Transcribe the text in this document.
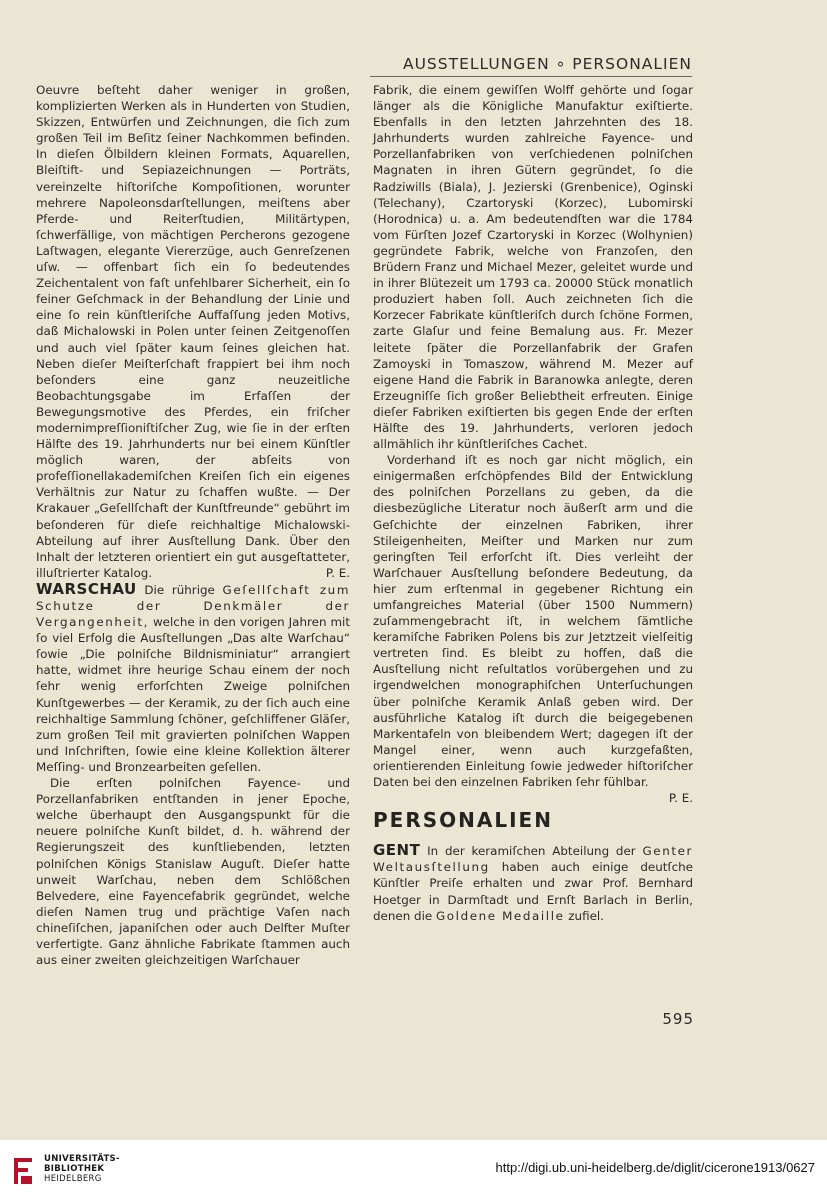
AUSSTELLUNGEN ∘ PERSONALIEN

Oeuvre beſteht daher weniger in großen, komplizierten Werken als in Hunderten von Studien, Skizzen, Entwürfen und Zeichnungen, die ſich zum großen Teil im Beſitz ſeiner Nachkommen befinden. In dieſen Ölbildern kleinen Formats, Aquarellen, Bleiſtift- und Sepiazeichnungen — Porträts, vereinzelte hiſtoriſche Kompoſitionen, worunter mehrere Napoleonsdarſtellungen, meiſtens aber Pferde- und Reiterſtudien, Militärtypen, ſchwerfällige, von mächtigen Percherons gezogene Laſtwagen, elegante Viererzüge, auch Genreſzenen uſw. — offenbart ſich ein ſo bedeutendes Zeichentalent von faſt unfehlbarer Sicherheit, ein ſo feiner Geſchmack in der Behandlung der Linie und eine ſo rein künſtleriſche Auffaſſung jeden Motivs, daß Michalowski in Polen unter ſeinen Zeitgenoſſen und auch viel ſpäter kaum ſeines gleichen hat. Neben dieſer Meiſterſchaft frappiert bei ihm noch beſonders eine ganz neuzeitliche Beobachtungsgabe im Erfaſſen der Bewegungsmotive des Pferdes, ein friſcher modernimpreſſioniſtiſcher Zug, wie ſie in der erſten Hälfte des 19. Jahrhunderts nur bei einem Künſtler möglich waren, der abſeits von profeſſionellakademiſchen Kreiſen ſich ein eigenes Verhältnis zur Natur zu ſchaffen wußte. — Der Krakauer „Geſellſchaft der Kunſtfreunde“ gebührt im beſonderen für dieſe reichhaltige Michalowski-Abteilung auf ihrer Ausſtellung Dank. Über den Inhalt der letzteren orientiert ein gut ausgeſtatteter, illuſtrierter Katalog.	P. E.

WARSCHAU Die rührige Geſellſchaft zum Schutze der Denkmäler der Vergangenheit, welche in den vorigen Jahren mit ſo viel Erfolg die Ausſtellungen „Das alte Warſchau“ ſowie „Die polniſche Bildnisminiatur“ arrangiert hatte, widmet ihre heurige Schau einem der noch ſehr wenig erforſchten Zweige polniſchen Kunſtgewerbes — der Keramik, zu der ſich auch eine reichhaltige Sammlung ſchöner, geſchliffener Gläſer, zum großen Teil mit gravierten polniſchen Wappen und Inſchriften, ſowie eine kleine Kollektion älterer Meſſing- und Bronzearbeiten geſellen.

Die erſten polniſchen Fayence- und Porzellanfabriken entſtanden in jener Epoche, welche überhaupt den Ausgangspunkt für die neuere polniſche Kunſt bildet, d. h. während der Regierungszeit des kunſtliebenden, letzten polniſchen Königs Stanislaw Auguſt. Dieſer hatte unweit Warſchau, neben dem Schlößchen Belvedere, eine Fayencefabrik gegründet, welche dieſen Namen trug und prächtige Vaſen nach chineſiſchen, japaniſchen oder auch Delfter Muſter verfertigte. Ganz ähnliche Fabrikate ſtammen auch aus einer zweiten gleichzeitigen Warſchauer

Fabrik, die einem gewiſſen Wolff gehörte und ſogar länger als die Königliche Manufaktur exiſtierte. Ebenfalls in den letzten Jahrzehnten des 18. Jahrhunderts wurden zahlreiche Fayence- und Porzellanfabriken von verſchiedenen polniſchen Magnaten in ihren Gütern gegründet, ſo die Radziwills (Biala), J. Jezierski (Grenbenice), Oginski (Telechany), Czartoryski (Korzec), Lubomirski (Horodnica) u. a. Am bedeutendſten war die 1784 vom Fürſten Jozef Czartoryski in Korzec (Wolhynien) gegründete Fabrik, welche von Franzoſen, den Brüdern Franz und Michael Mezer, geleitet wurde und in ihrer Blütezeit um 1793 ca. 20000 Stück monatlich produziert haben ſoll. Auch zeichneten ſich die Korzecer Fabrikate künſtleriſch durch ſchöne Formen, zarte Glaſur und feine Bemalung aus. Fr. Mezer leitete ſpäter die Porzellanfabrik der Grafen Zamoyski in Tomaszow, während M. Mezer auf eigene Hand die Fabrik in Baranowka anlegte, deren Erzeugniſſe ſich großer Beliebtheit erfreuten. Einige dieſer Fabriken exiſtierten bis gegen Ende der erſten Hälfte des 19. Jahrhunderts, verloren jedoch allmählich ihr künſtleriſches Cachet.

Vorderhand iſt es noch gar nicht möglich, ein einigermaßen erſchöpfendes Bild der Entwicklung des polniſchen Porzellans zu geben, da die diesbezügliche Literatur noch äußerſt arm und die Geſchichte der einzelnen Fabriken, ihrer Stileigenheiten, Meiſter und Marken nur zum geringſten Teil erforſcht iſt. Dies verleiht der Warſchauer Ausſtellung beſondere Bedeutung, da hier zum erſtenmal in gegebener Richtung ein umfangreiches Material (über 1500 Nummern) zuſammengebracht iſt, in welchem ſämtliche keramiſche Fabriken Polens bis zur Jetztzeit vielſeitig vertreten ſind. Es bleibt zu hoffen, daß die Ausſtellung nicht reſultatlos vorübergehen und zu irgendwelchen monographiſchen Unterſuchungen über polniſche Keramik Anlaß geben wird. Der ausführliche Katalog iſt durch die beigegebenen Markentafeln von bleibendem Wert; dagegen iſt der Mangel einer, wenn auch kurzgefaßten, orientierenden Einleitung ſowie jedweder hiſtoriſcher Daten bei den einzelnen Fabriken ſehr fühlbar.
P. E.

PERSONALIEN

GENT In der keramiſchen Abteilung der Genter Weltausſtellung haben auch einige deutſche Künſtler Preiſe erhalten und zwar Prof. Bernhard Hoetger in Darmſtadt und Ernſt Barlach in Berlin, denen die Goldene Medaille zufiel.

595
UNIVERSITÄTS-
BIBLIOTHEK
HEIDELBERG
http://digi.ub.uni-heidelberg.de/diglit/cicerone1913/0627
